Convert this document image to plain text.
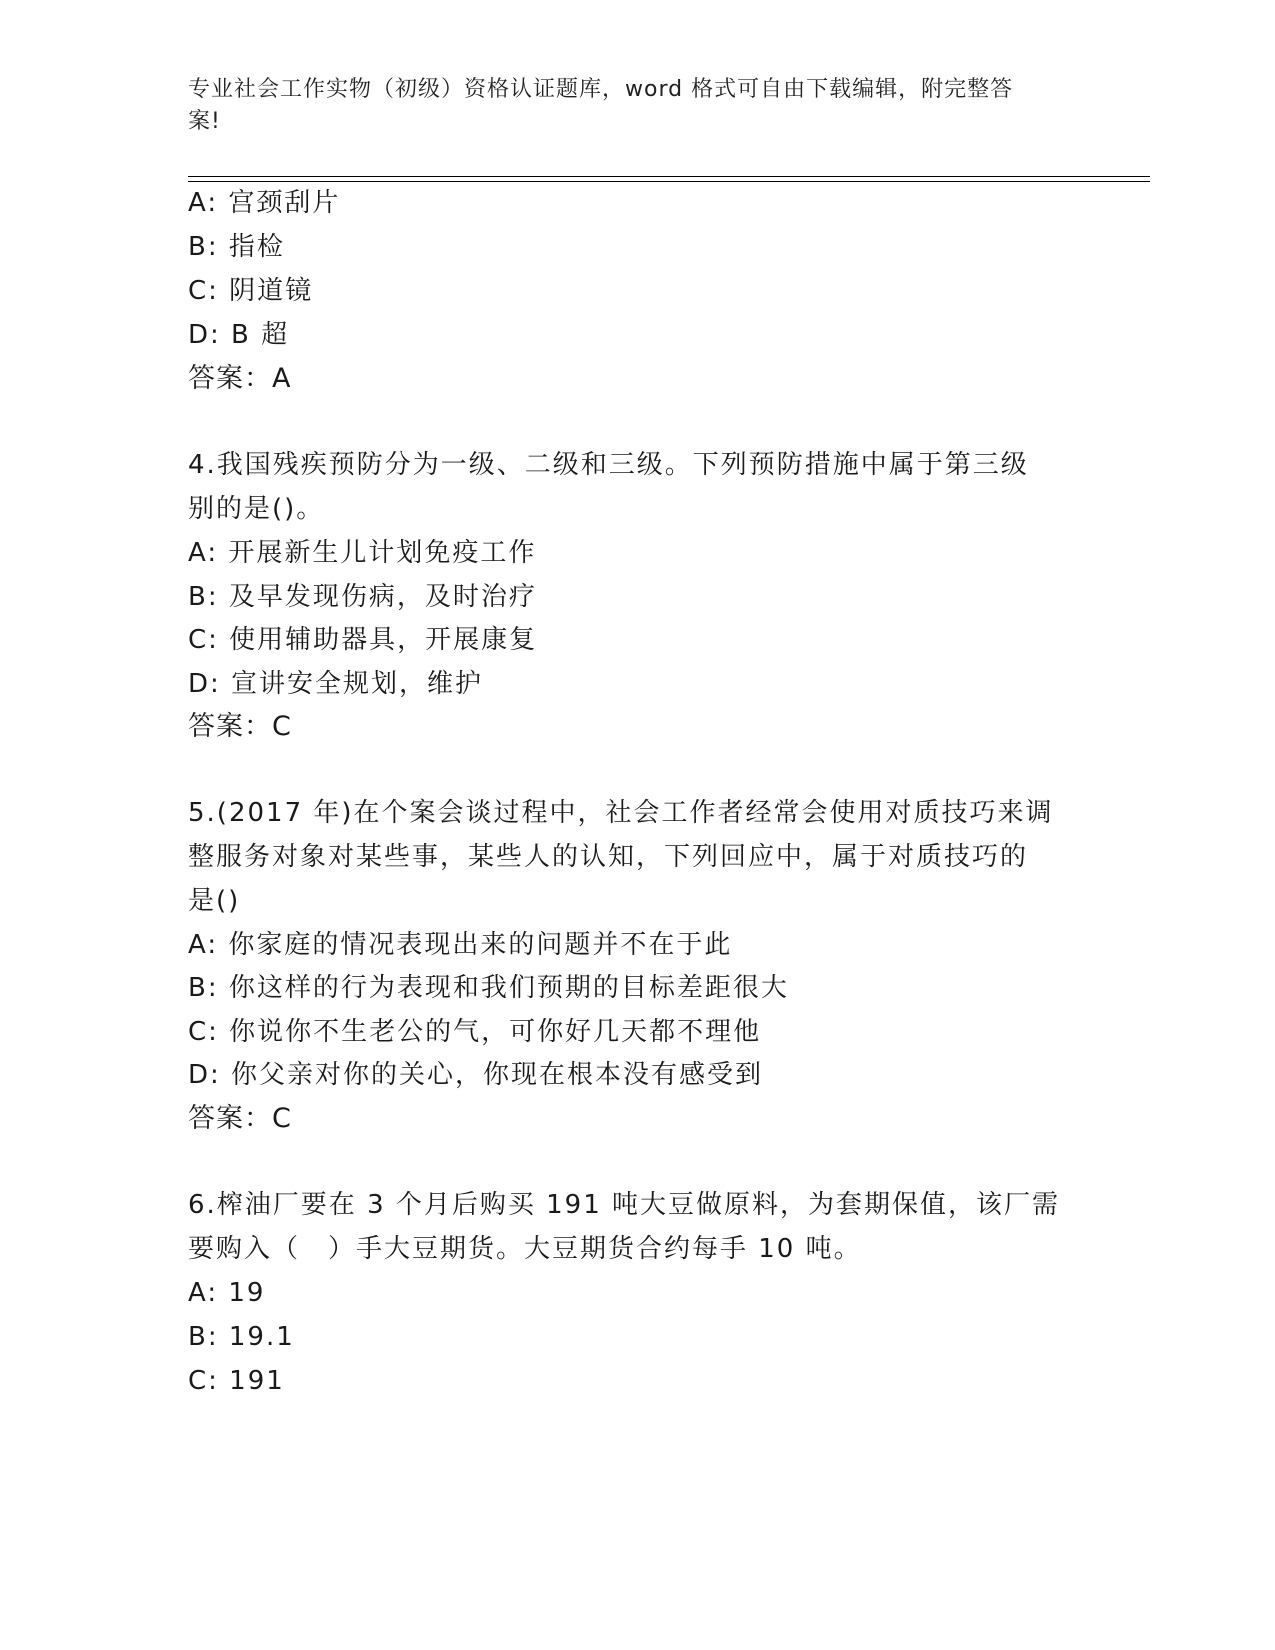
专业社会工作实物（初级）资格认证题库，word 格式可自由下载编辑，附完整答
案!
A: 宫颈刮片
B: 指检
C: 阴道镜
D: B 超
答案：A
4.我国残疾预防分为一级、二级和三级。下列预防措施中属于第三级
别的是()。
A: 开展新生儿计划免疫工作
B: 及早发现伤病，及时治疗
C: 使用辅助器具，开展康复
D: 宣讲安全规划，维护
答案：C
5.(2017 年)在个案会谈过程中，社会工作者经常会使用对质技巧来调
整服务对象对某些事，某些人的认知，下列回应中，属于对质技巧的
是()
A: 你家庭的情况表现出来的问题并不在于此
B: 你这样的行为表现和我们预期的目标差距很大
C: 你说你不生老公的气，可你好几天都不理他
D: 你父亲对你的关心，你现在根本没有感受到
答案：C
6.榨油厂要在 3 个月后购买 191 吨大豆做原料，为套期保值，该厂需
要购入（　）手大豆期货。大豆期货合约每手 10 吨。
A: 19
B: 19.1
C: 191
